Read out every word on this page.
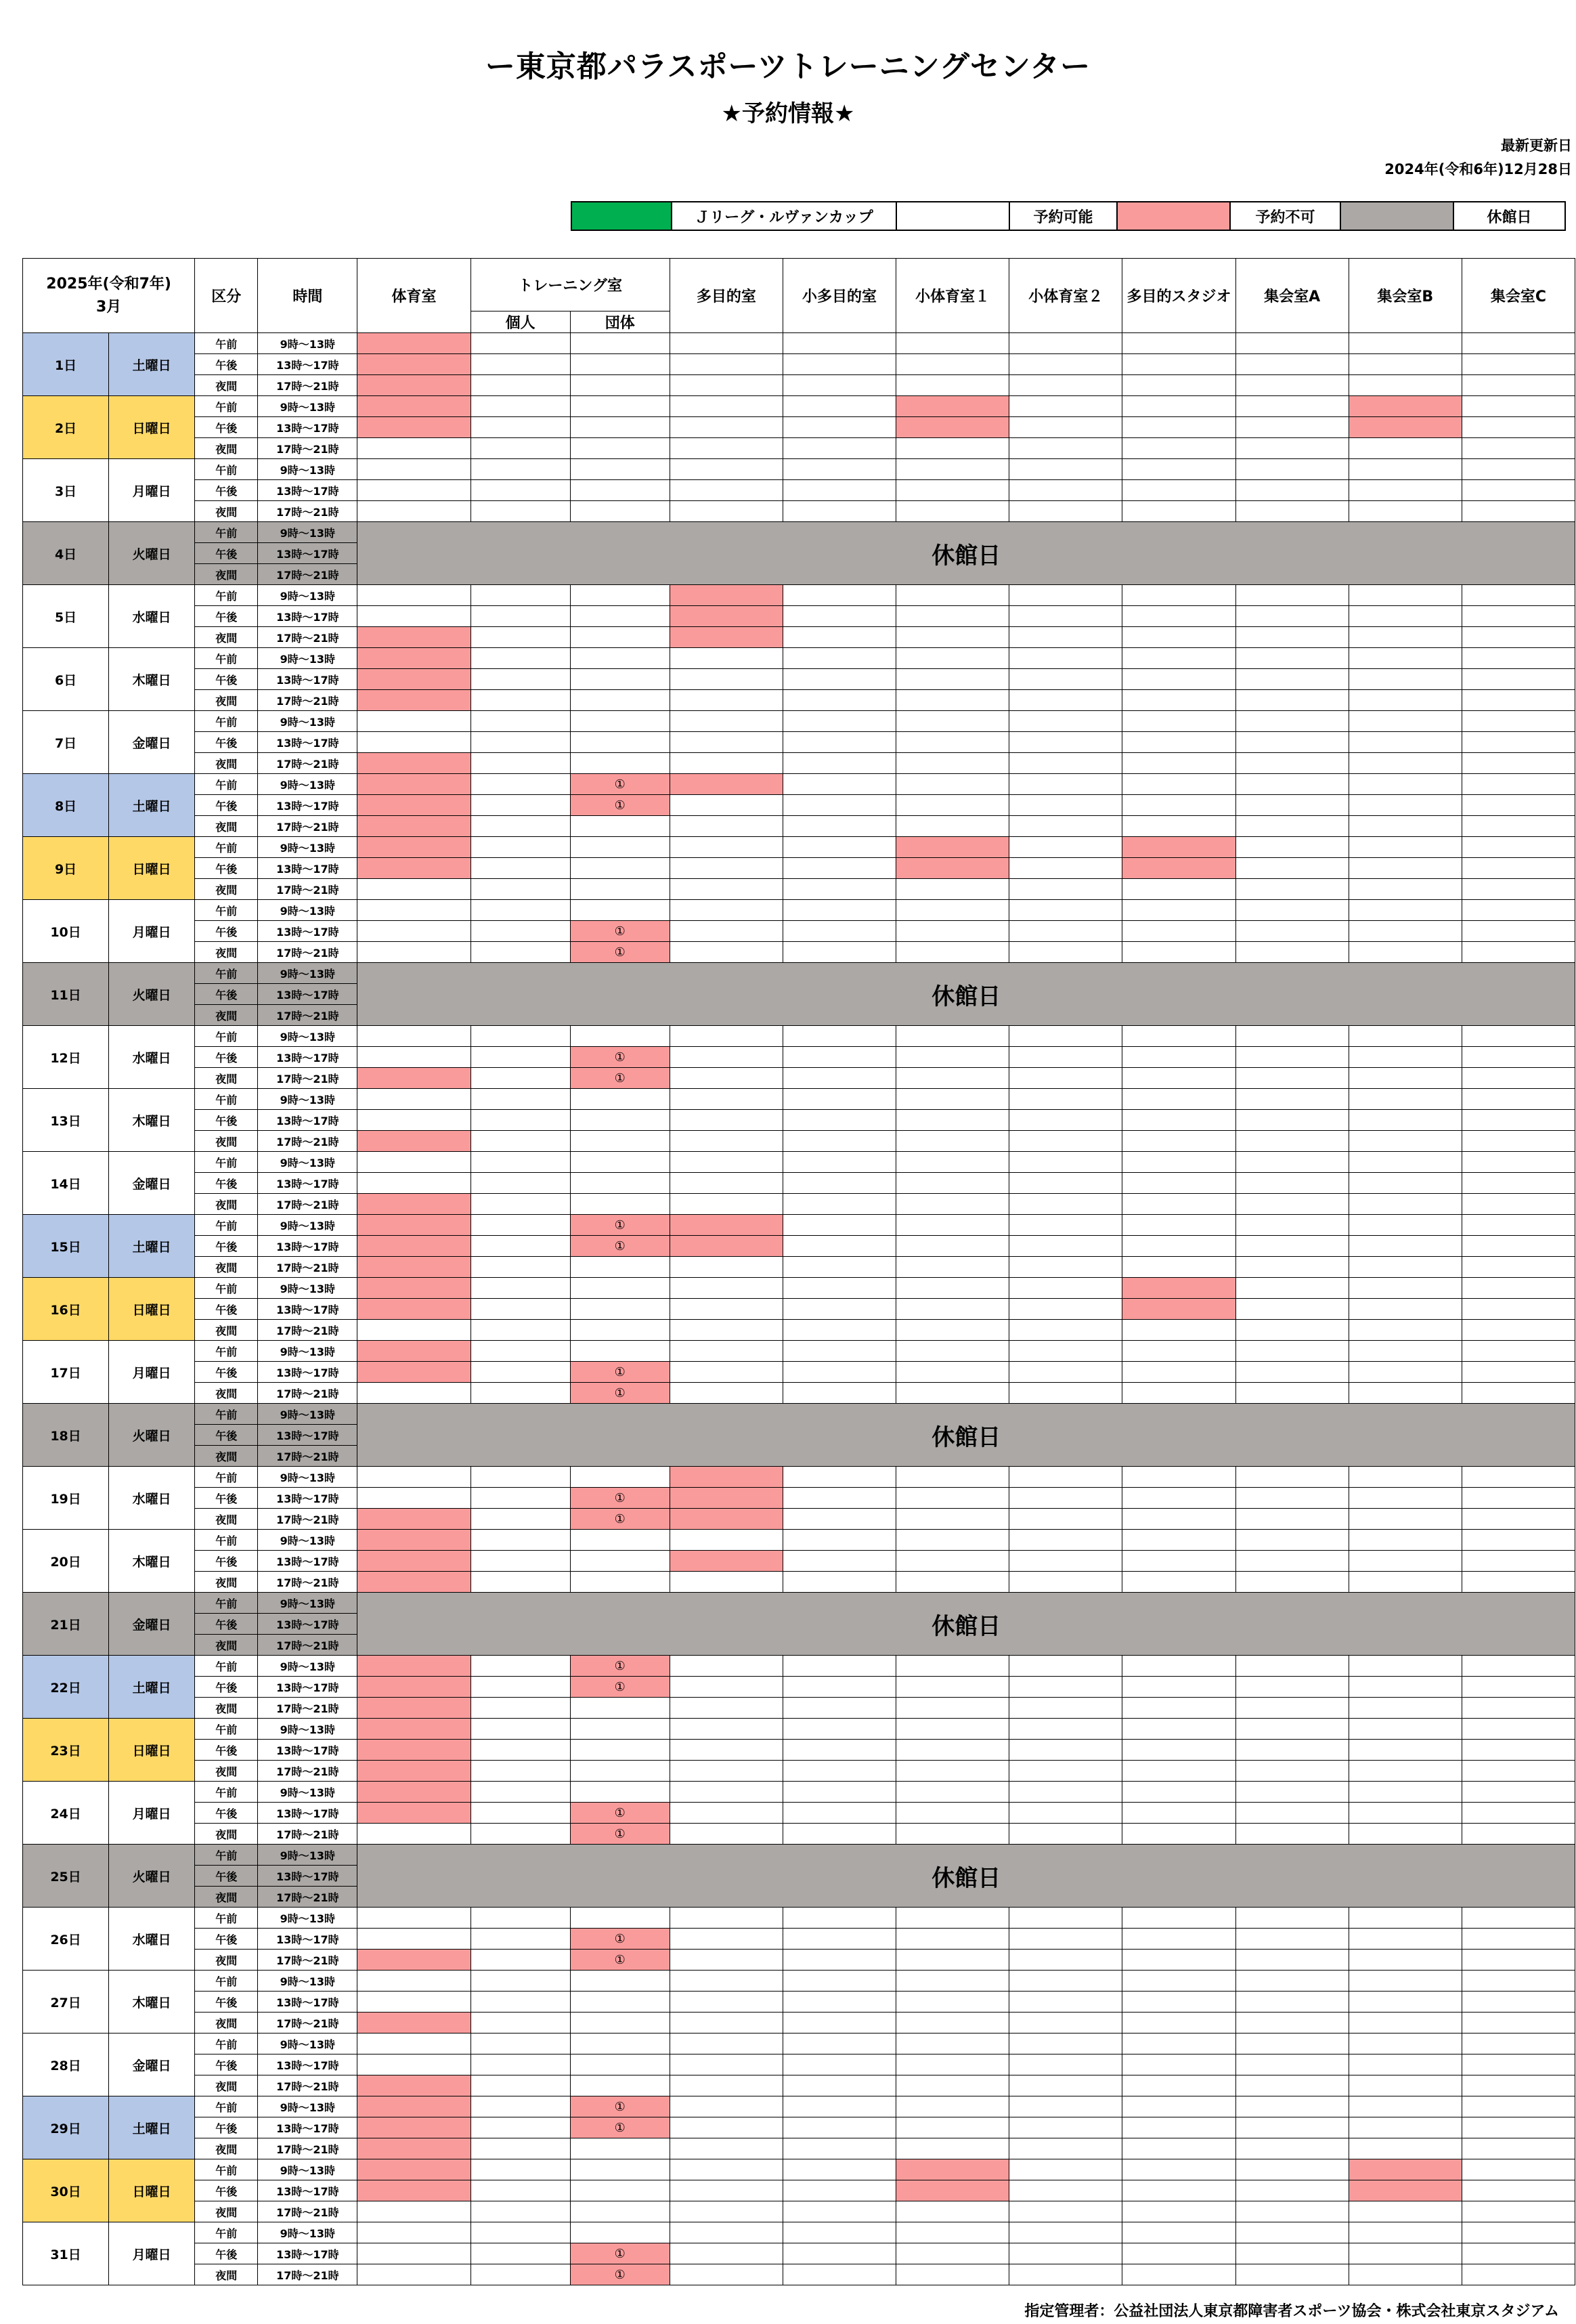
ー東京都パラスポーツトレーニングセンター
★予約情報★
最新更新日
2024年(令和6年)12月28日
	Ｊリーグ・ルヴァンカップ		予約可能		予約不可		休館日
2025年(令和7年)
3月		区分	時間	体育室	トレーニング室		多目的室	小多目的室	小体育室１	小体育室２	多目的スタジオ	集会室A	集会室B	集会室C
					個人	団体								
1日	土曜日	午前	9時～13時											
		午後	13時～17時											
		夜間	17時～21時											
2日	日曜日	午前	9時～13時											
		午後	13時～17時											
		夜間	17時～21時											
3日	月曜日	午前	9時～13時											
		午後	13時～17時											
		夜間	17時～21時											
4日	火曜日	午前	9時～13時	休館日										
		午後	13時～17時											
		夜間	17時～21時											
5日	水曜日	午前	9時～13時											
		午後	13時～17時											
		夜間	17時～21時											
6日	木曜日	午前	9時～13時											
		午後	13時～17時											
		夜間	17時～21時											
7日	金曜日	午前	9時～13時											
		午後	13時～17時											
		夜間	17時～21時											
8日	土曜日	午前	9時～13時			①								
		午後	13時～17時			①								
		夜間	17時～21時											
9日	日曜日	午前	9時～13時											
		午後	13時～17時											
		夜間	17時～21時											
10日	月曜日	午前	9時～13時											
		午後	13時～17時			①								
		夜間	17時～21時			①								
11日	火曜日	午前	9時～13時	休館日										
		午後	13時～17時											
		夜間	17時～21時											
12日	水曜日	午前	9時～13時											
		午後	13時～17時			①								
		夜間	17時～21時			①								
13日	木曜日	午前	9時～13時											
		午後	13時～17時											
		夜間	17時～21時											
14日	金曜日	午前	9時～13時											
		午後	13時～17時											
		夜間	17時～21時											
15日	土曜日	午前	9時～13時			①								
		午後	13時～17時			①								
		夜間	17時～21時											
16日	日曜日	午前	9時～13時											
		午後	13時～17時											
		夜間	17時～21時											
17日	月曜日	午前	9時～13時											
		午後	13時～17時			①								
		夜間	17時～21時			①								
18日	火曜日	午前	9時～13時	休館日										
		午後	13時～17時											
		夜間	17時～21時											
19日	水曜日	午前	9時～13時											
		午後	13時～17時			①								
		夜間	17時～21時			①								
20日	木曜日	午前	9時～13時											
		午後	13時～17時											
		夜間	17時～21時											
21日	金曜日	午前	9時～13時	休館日										
		午後	13時～17時											
		夜間	17時～21時											
22日	土曜日	午前	9時～13時			①								
		午後	13時～17時			①								
		夜間	17時～21時											
23日	日曜日	午前	9時～13時											
		午後	13時～17時											
		夜間	17時～21時											
24日	月曜日	午前	9時～13時											
		午後	13時～17時			①								
		夜間	17時～21時			①								
25日	火曜日	午前	9時～13時	休館日										
		午後	13時～17時											
		夜間	17時～21時											
26日	水曜日	午前	9時～13時											
		午後	13時～17時			①								
		夜間	17時～21時			①								
27日	木曜日	午前	9時～13時											
		午後	13時～17時											
		夜間	17時～21時											
28日	金曜日	午前	9時～13時											
		午後	13時～17時											
		夜間	17時～21時											
29日	土曜日	午前	9時～13時			①								
		午後	13時～17時			①								
		夜間	17時～21時											
30日	日曜日	午前	9時～13時											
		午後	13時～17時											
		夜間	17時～21時											
31日	月曜日	午前	9時～13時											
		午後	13時～17時			①								
		夜間	17時～21時			①								
指定管理者：公益社団法人東京都障害者スポーツ協会・株式会社東京スタジアム
